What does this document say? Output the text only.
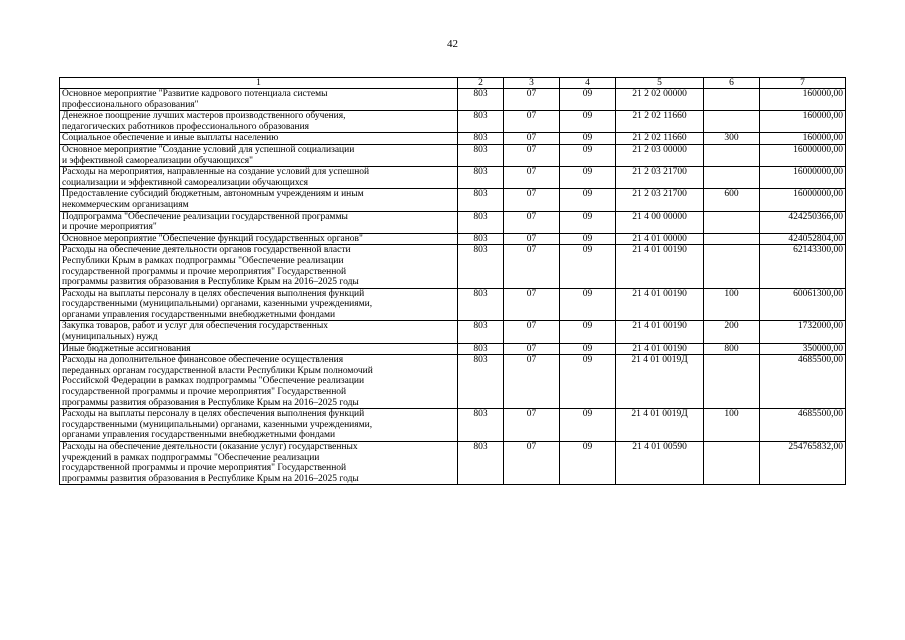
42
1	2	3	4	5	6	7

Основное мероприятие "Развитие кадрового потенциала системы
профессионального образования"	803	07	09	21 2 02 00000		160000,00

Денежное поощрение лучших мастеров производственного обучения,
педагогических работников профессионального образования	803	07	09	21 2 02 11660		160000,00

Социальное обеспечение и иные выплаты населению	803	07	09	21 2 02 11660	300	160000,00

Основное мероприятие "Создание условий для успешной социализации
и эффективной самореализации обучающихся"	803	07	09	21 2 03 00000		16000000,00

Расходы на мероприятия, направленные на создание условий для успешной
социализации и эффективной самореализации обучающихся	803	07	09	21 2 03 21700		16000000,00

Предоставление субсидий бюджетным, автономным учреждениям и иным
некоммерческим организациям	803	07	09	21 2 03 21700	600	16000000,00

Подпрограмма "Обеспечение реализации государственной программы
и прочие мероприятия"	803	07	09	21 4 00 00000		424250366,00

Основное мероприятие "Обеспечение функций государственных органов"	803	07	09	21 4 01 00000		424052804,00

Расходы на обеспечение деятельности органов государственной власти
Республики Крым в рамках подпрограммы "Обеспечение реализации
государственной программы и прочие мероприятия" Государственной
программы развития образования в Республике Крым на 2016–2025 годы	803	07	09	21 4 01 00190		62143300,00

Расходы на выплаты персоналу в целях обеспечения выполнения функций
государственными (муниципальными) органами, казенными учреждениями,
органами управления государственными внебюджетными фондами	803	07	09	21 4 01 00190	100	60061300,00

Закупка товаров, работ и услуг для обеспечения государственных
(муниципальных) нужд	803	07	09	21 4 01 00190	200	1732000,00

Иные бюджетные ассигнования	803	07	09	21 4 01 00190	800	350000,00

Расходы на дополнительное финансовое обеспечение осуществления
переданных органам государственной власти Республики Крым полномочий
Российской Федерации в рамках подпрограммы "Обеспечение реализации
государственной программы и прочие мероприятия" Государственной
программы развития образования в Республике Крым на 2016–2025 годы	803	07	09	21 4 01 0019Д		4685500,00

Расходы на выплаты персоналу в целях обеспечения выполнения функций
государственными (муниципальными) органами, казенными учреждениями,
органами управления государственными внебюджетными фондами	803	07	09	21 4 01 0019Д	100	4685500,00

Расходы на обеспечение деятельности (оказание услуг) государственных
учреждений в рамках подпрограммы "Обеспечение реализации
государственной программы и прочие мероприятия" Государственной
программы развития образования в Республике Крым на 2016–2025 годы	803	07	09	21 4 01 00590		254765832,00
